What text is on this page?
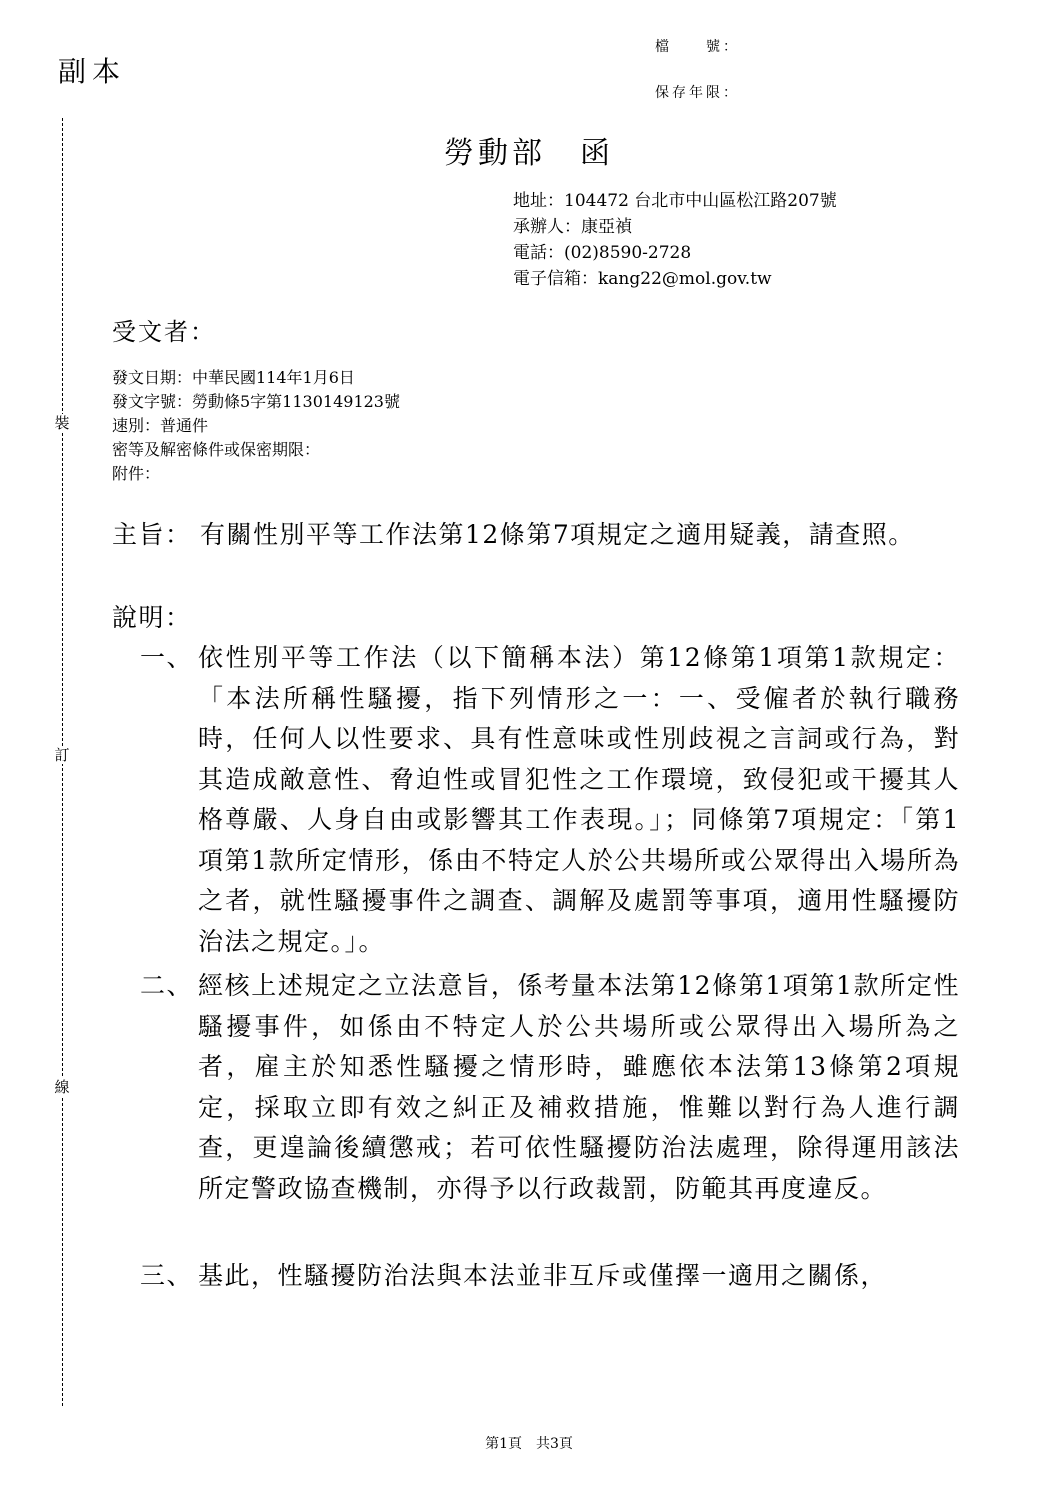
副本
檔　　號：
保存年限：
勞動部　函
地址：104472 台北市中山區松江路207號
承辦人：康亞禎
電話：(02)8590-2728
電子信箱：kang22@mol.gov.tw
受文者：
發文日期：中華民國114年1月6日
發文字號：勞動條5字第1130149123號
速別：普通件
密等及解密條件或保密期限：
附件：
裝
訂
線
主旨： 有關性別平等工作法第12條第7項規定之適用疑義，請查照。
說明：
一、 依性別平等工作法（以下簡稱本法）第12條第1項第1款規定：「本法所稱性騷擾，指下列情形之一：一、受僱者於執行職務時，任何人以性要求、具有性意味或性別歧視之言詞或行為，對其造成敵意性、脅迫性或冒犯性之工作環境，致侵犯或干擾其人格尊嚴、人身自由或影響其工作表現。」；同條第7項規定：「第1項第1款所定情形，係由不特定人於公共場所或公眾得出入場所為之者，就性騷擾事件之調查、調解及處罰等事項，適用性騷擾防治法之規定。」。
二、 經核上述規定之立法意旨，係考量本法第12條第1項第1款所定性騷擾事件，如係由不特定人於公共場所或公眾得出入場所為之者，雇主於知悉性騷擾之情形時，雖應依本法第13條第2項規定，採取立即有效之糾正及補救措施，惟難以對行為人進行調查，更遑論後續懲戒；若可依性騷擾防治法處理，除得運用該法所定警政協查機制，亦得予以行政裁罰，防範其再度違反。
三、 基此，性騷擾防治法與本法並非互斥或僅擇一適用之關係，
第1頁　共3頁
